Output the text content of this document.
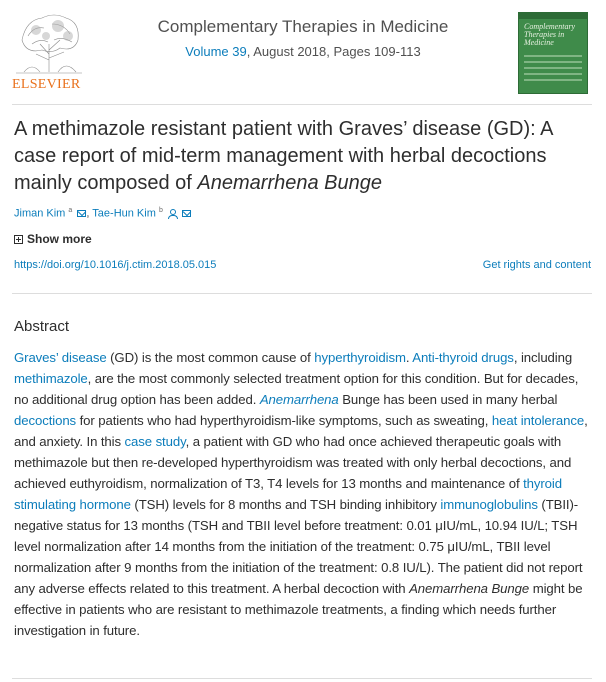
ELSEVIER
Complementary Therapies in Medicine
Volume 39, August 2018, Pages 109-113
Complementary Therapies in Medicine
A methimazole resistant patient with Graves’ disease (GD): A case report of mid-term management with herbal decoctions mainly composed of Anemarrhena Bunge
Jiman Kim $^a$ , Tae-Hun Kim $^b$
Show more
https://doi.org/10.1016/j.ctim.2018.05.015	Get rights and content
Abstract
Graves’ disease (GD) is the most common cause of hyperthyroidism. Anti-thyroid drugs, including methimazole, are the most commonly selected treatment option for this condition. But for decades, no additional drug option has been added. Anemarrhena Bunge has been used in many herbal decoctions for patients who had hyperthyroidism-like symptoms, such as sweating, heat intolerance, and anxiety. In this case study, a patient with GD who had once achieved therapeutic goals with methimazole but then re-developed hyperthyroidism was treated with only herbal decoctions, and achieved euthyroidism, normalization of T3, T4 levels for 13 months and maintenance of thyroid stimulating hormone (TSH) levels for 8 months and TSH binding inhibitory immunoglobulins (TBII)-negative status for 13 months (TSH and TBII level before treatment: 0.01 μIU/mL, 10.94 IU/L; TSH level normalization after 14 months from the initiation of the treatment: 0.75 μIU/mL, TBII level normalization after 9 months from the initiation of the treatment: 0.8 IU/L). The patient did not report any adverse effects related to this treatment. A herbal decoction with Anemarrhena Bunge might be effective in patients who are resistant to methimazole treatments, a finding which needs further investigation in future.
